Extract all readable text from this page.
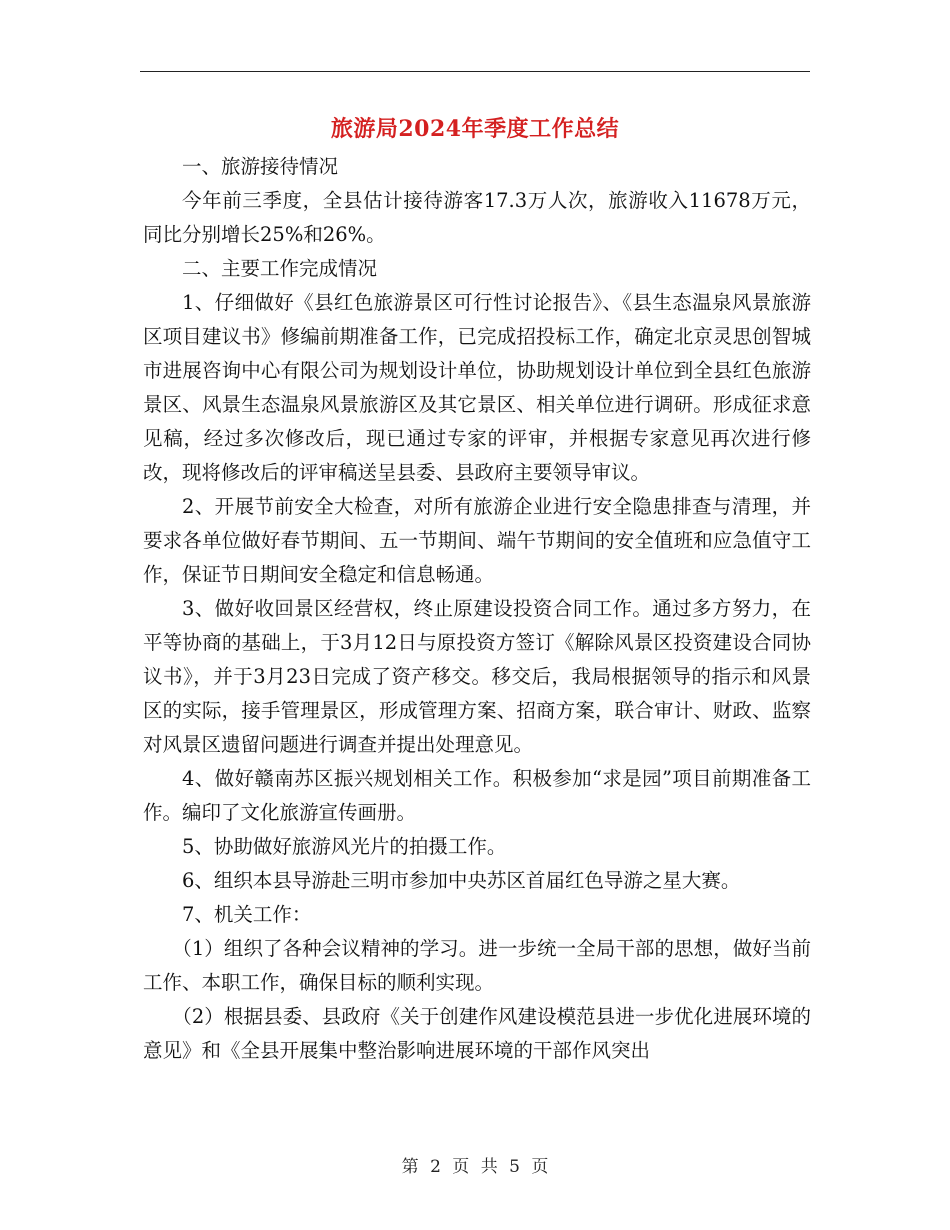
旅游局2024年季度工作总结

一、旅游接待情况

今年前三季度，全县估计接待游客17.3万人次，旅游收入11678万元，同比分别增长25%和26%。

二、主要工作完成情况

1、仔细做好《县红色旅游景区可行性讨论报告》、《县生态温泉风景旅游区项目建议书》修编前期准备工作，已完成招投标工作，确定北京灵思创智城市进展咨询中心有限公司为规划设计单位，协助规划设计单位到全县红色旅游景区、风景生态温泉风景旅游区及其它景区、相关单位进行调研。形成征求意见稿，经过多次修改后，现已通过专家的评审，并根据专家意见再次进行修改，现将修改后的评审稿送呈县委、县政府主要领导审议。

2、开展节前安全大检查，对所有旅游企业进行安全隐患排查与清理，并要求各单位做好春节期间、五一节期间、端午节期间的安全值班和应急值守工作，保证节日期间安全稳定和信息畅通。

3、做好收回景区经营权，终止原建设投资合同工作。通过多方努力，在平等协商的基础上，于3月12日与原投资方签订《解除风景区投资建设合同协议书》，并于3月23日完成了资产移交。移交后，我局根据领导的指示和风景区的实际，接手管理景区，形成管理方案、招商方案，联合审计、财政、监察对风景区遗留问题进行调查并提出处理意见。

4、做好赣南苏区振兴规划相关工作。积极参加“求是园”项目前期准备工作。编印了文化旅游宣传画册。

5、协助做好旅游风光片的拍摄工作。

6、组织本县导游赴三明市参加中央苏区首届红色导游之星大赛。

7、机关工作：

（1）组织了各种会议精神的学习。进一步统一全局干部的思想，做好当前工作、本职工作，确保目标的顺利实现。

（2）根据县委、县政府《关于创建作风建设模范县进一步优化进展环境的意见》和《全县开展集中整治影响进展环境的干部作风突出

第 2 页 共 5 页
